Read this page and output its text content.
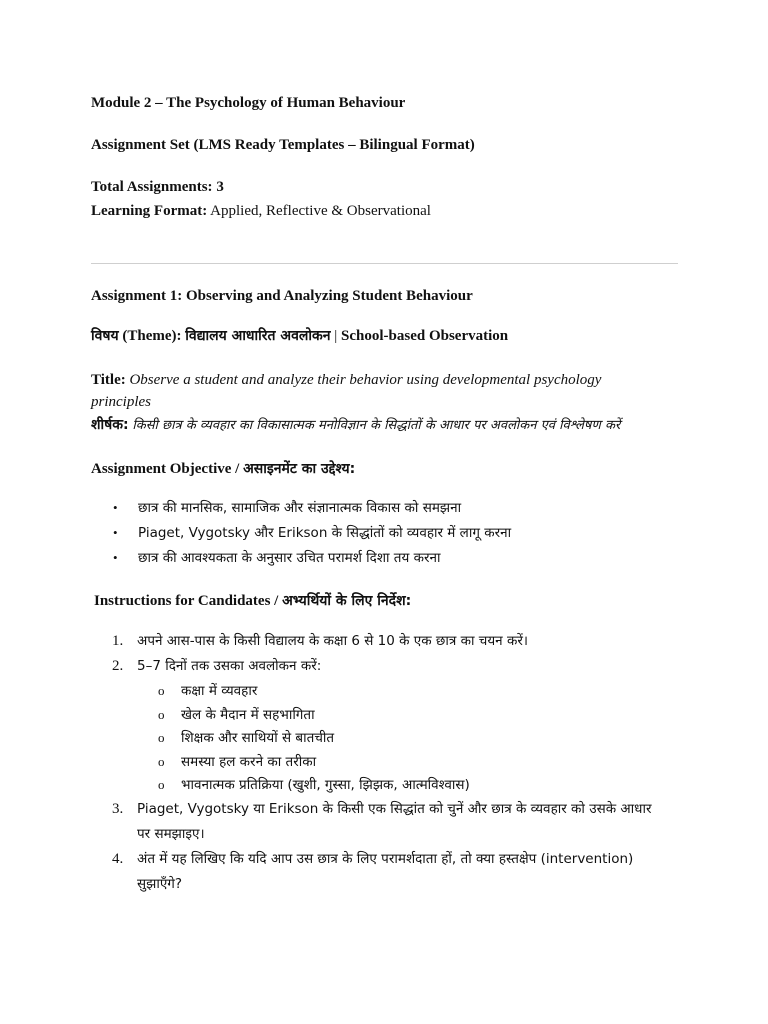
Module 2 – The Psychology of Human Behaviour
Assignment Set (LMS Ready Templates – Bilingual Format)
Total Assignments: 3
Learning Format: Applied, Reflective & Observational
Assignment 1: Observing and Analyzing Student Behaviour
विषय (Theme): विद्यालय आधारित अवलोकन | School-based Observation
Title: Observe a student and analyze their behavior using developmental psychology
principles
शीर्षक: किसी छात्र के व्यवहार का विकासात्मक मनोविज्ञान के सिद्धांतों के आधार पर अवलोकन एवं विश्लेषण करें
Assignment Objective / असाइनमेंट का उद्देश्य:
• छात्र की मानसिक, सामाजिक और संज्ञानात्मक विकास को समझना
• Piaget, Vygotsky और Erikson के सिद्धांतों को व्यवहार में लागू करना
• छात्र की आवश्यकता के अनुसार उचित परामर्श दिशा तय करना
Instructions for Candidates / अभ्यर्थियों के लिए निर्देश:
1. अपने आस-पास के किसी विद्यालय के कक्षा 6 से 10 के एक छात्र का चयन करें।
2. 5–7 दिनों तक उसका अवलोकन करें:
o कक्षा में व्यवहार
o खेल के मैदान में सहभागिता
o शिक्षक और साथियों से बातचीत
o समस्या हल करने का तरीका
o भावनात्मक प्रतिक्रिया (खुशी, गुस्सा, झिझक, आत्मविश्वास)
3. Piaget, Vygotsky या Erikson के किसी एक सिद्धांत को चुनें और छात्र के व्यवहार को उसके आधार
पर समझाइए।
4. अंत में यह लिखिए कि यदि आप उस छात्र के लिए परामर्शदाता हों, तो क्या हस्तक्षेप (intervention)
सुझाएँगे?
